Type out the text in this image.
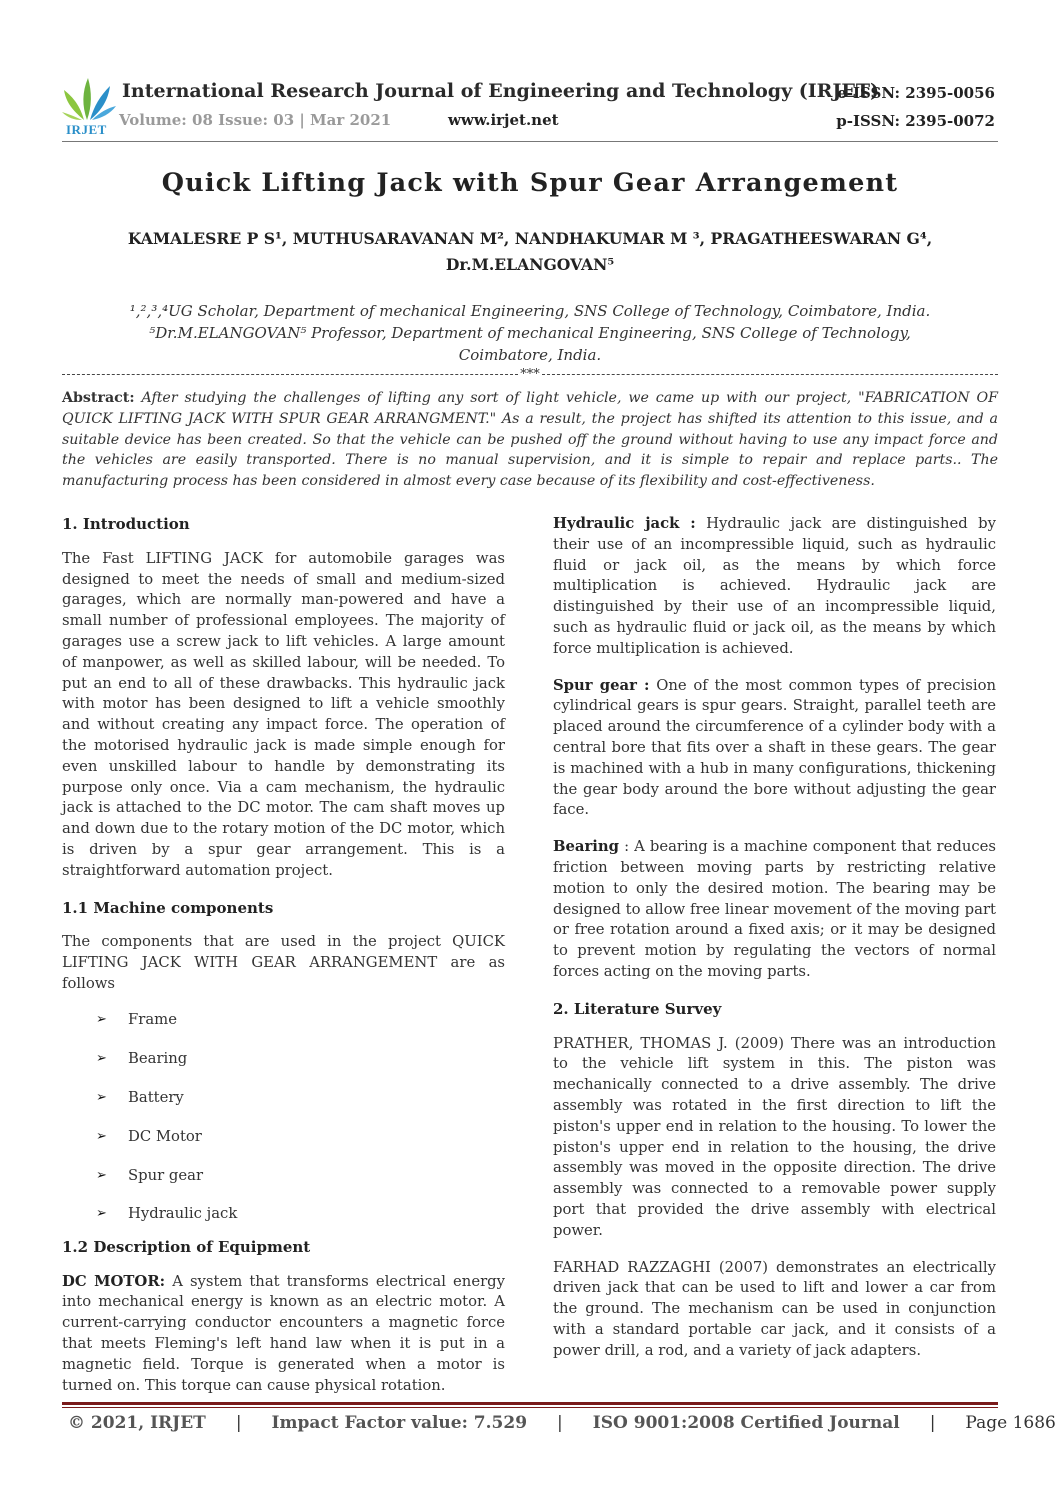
IRJET
International Research Journal of Engineering and Technology (IRJET)
Volume: 08 Issue: 03 | Mar 2021	www.irjet.net
e-ISSN: 2395-0056
p-ISSN: 2395-0072
Quick Lifting Jack with Spur Gear Arrangement
KAMALESRE P S¹, MUTHUSARAVANAN M², NANDHAKUMAR M ³, PRAGATHEESWARAN G⁴,
Dr.M.ELANGOVAN⁵
¹,²,³,⁴UG Scholar, Department of mechanical Engineering, SNS College of Technology, Coimbatore, India.
⁵Dr.M.ELANGOVAN⁵ Professor, Department of mechanical Engineering, SNS College of Technology,
Coimbatore, India.
***
Abstract: After studying the challenges of lifting any sort of light vehicle, we came up with our project, "FABRICATION OF QUICK LIFTING JACK WITH SPUR GEAR ARRANGMENT." As a result, the project has shifted its attention to this issue, and a suitable device has been created. So that the vehicle can be pushed off the ground without having to use any impact force and the vehicles are easily transported. There is no manual supervision, and it is simple to repair and replace parts.. The manufacturing process has been considered in almost every case because of its flexibility and cost-effectiveness.
1. Introduction

The Fast LIFTING JACK for automobile garages was designed to meet the needs of small and medium-sized garages, which are normally man-powered and have a small number of professional employees. The majority of garages use a screw jack to lift vehicles. A large amount of manpower, as well as skilled labour, will be needed. To put an end to all of these drawbacks. This hydraulic jack with motor has been designed to lift a vehicle smoothly and without creating any impact force. The operation of the motorised hydraulic jack is made simple enough for even unskilled labour to handle by demonstrating its purpose only once. Via a cam mechanism, the hydraulic jack is attached to the DC motor. The cam shaft moves up and down due to the rotary motion of the DC motor, which is driven by a spur gear arrangement. This is a straightforward automation project.

1.1 Machine components

The components that are used in the project QUICK LIFTING JACK WITH GEAR ARRANGEMENT are as follows

➢	Frame
➢	Bearing
➢	Battery
➢	DC Motor
➢	Spur gear
➢	Hydraulic jack
1.2 Description of Equipment

DC MOTOR: A system that transforms electrical energy into mechanical energy is known as an electric motor. A current-carrying conductor encounters a magnetic force that meets Fleming's left hand law when it is put in a magnetic field. Torque is generated when a motor is turned on. This torque can cause physical rotation.

Hydraulic jack : Hydraulic jack are distinguished by their use of an incompressible liquid, such as hydraulic fluid or jack oil, as the means by which force multiplication is achieved. Hydraulic jack are distinguished by their use of an incompressible liquid, such as hydraulic fluid or jack oil, as the means by which force multiplication is achieved.

Spur gear : One of the most common types of precision cylindrical gears is spur gears. Straight, parallel teeth are placed around the circumference of a cylinder body with a central bore that fits over a shaft in these gears. The gear is machined with a hub in many configurations, thickening the gear body around the bore without adjusting the gear face.

Bearing : A bearing is a machine component that reduces friction between moving parts by restricting relative motion to only the desired motion. The bearing may be designed to allow free linear movement of the moving part or free rotation around a fixed axis; or it may be designed to prevent motion by regulating the vectors of normal forces acting on the moving parts.

2. Literature Survey

PRATHER, THOMAS J. (2009) There was an introduction to the vehicle lift system in this. The piston was mechanically connected to a drive assembly. The drive assembly was rotated in the first direction to lift the piston's upper end in relation to the housing. To lower the piston's upper end in relation to the housing, the drive assembly was moved in the opposite direction. The drive assembly was connected to a removable power supply port that provided the drive assembly with electrical power.

FARHAD RAZZAGHI (2007) demonstrates an electrically driven jack that can be used to lift and lower a car from the ground. The mechanism can be used in conjunction with a standard portable car jack, and it consists of a power drill, a rod, and a variety of jack adapters.

© 2021, IRJET | Impact Factor value: 7.529 | ISO 9001:2008 Certified Journal | Page 1686
